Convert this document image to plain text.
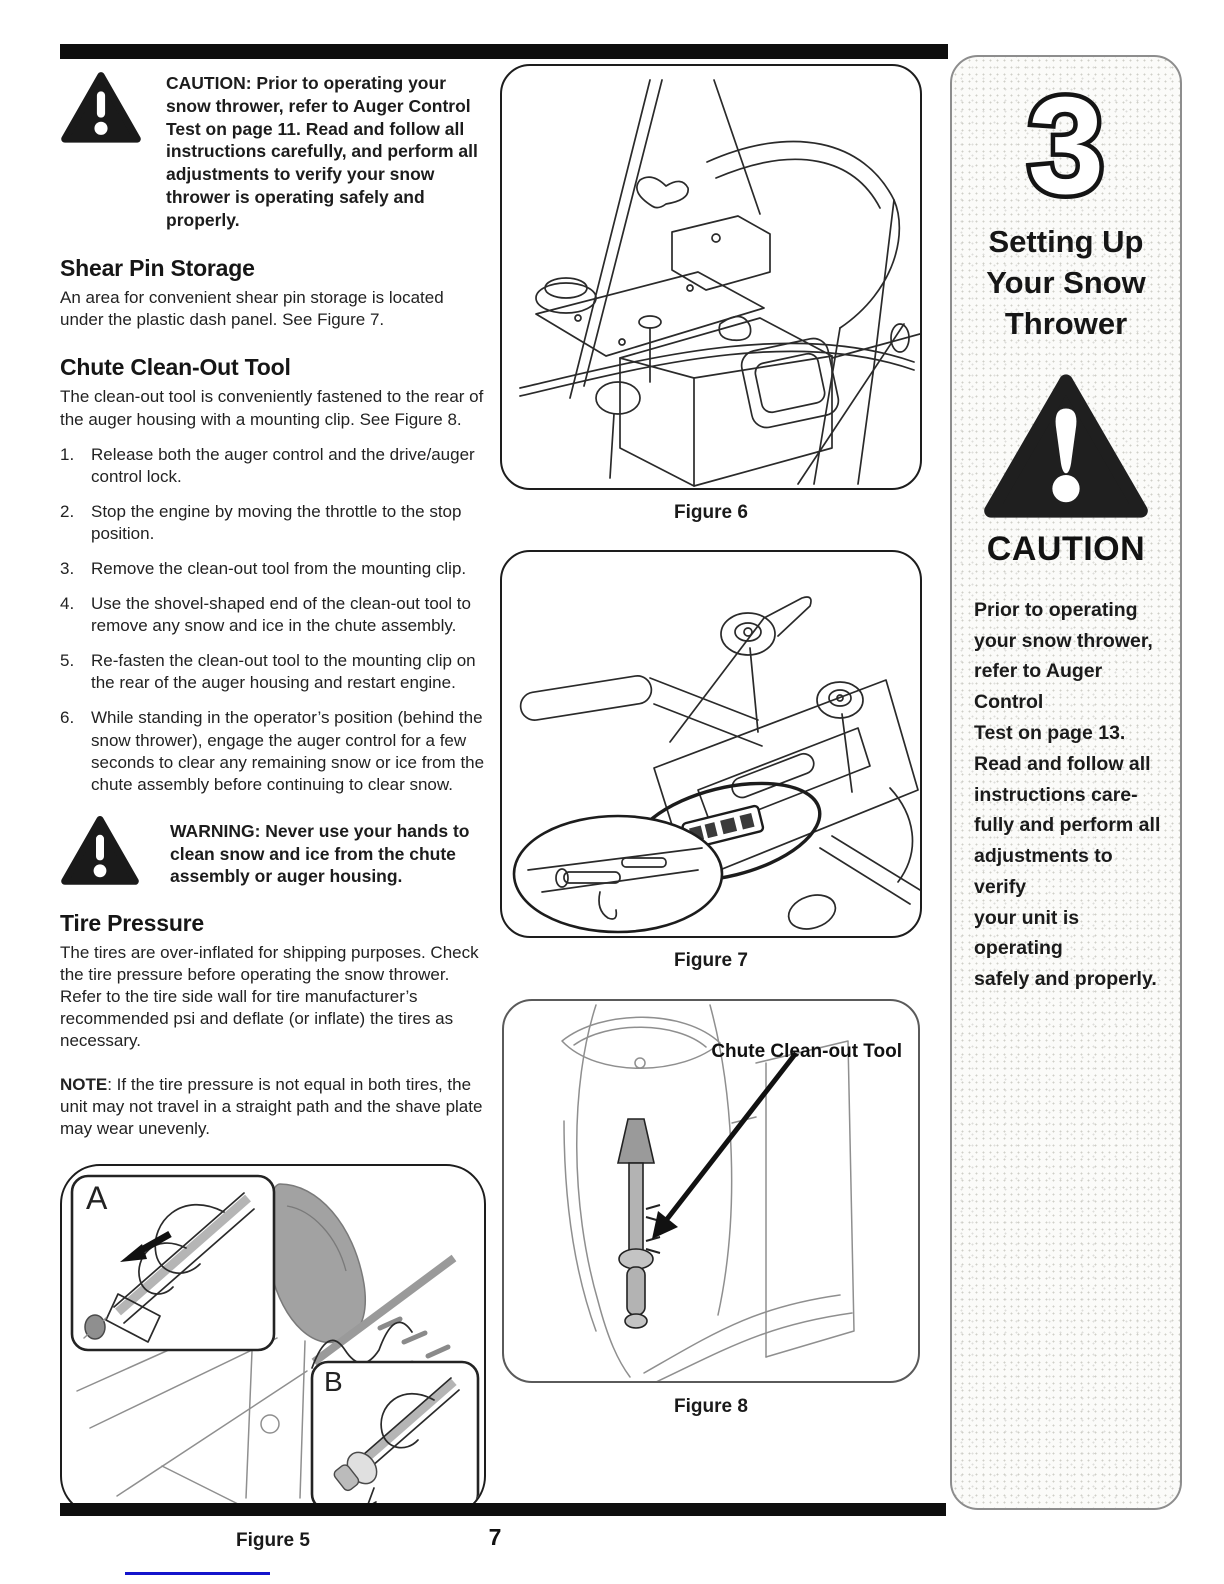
CAUTION: Prior to operating your snow thrower, refer to Auger Control Test on page 11. Read and follow all instructions carefully, and perform all adjustments to verify your snow thrower is operating safely and properly.
Shear Pin Storage
An area for convenient shear pin storage is located under the plastic dash panel. See Figure 7.
Chute Clean-Out Tool
The clean-out tool is conveniently fastened to the rear of the auger housing with a mounting clip. See Figure 8.
1. Release both the auger control and the drive/auger control lock.
2. Stop the engine by moving the throttle to the stop position.
3. Remove the clean-out tool from the mounting clip.
4. Use the shovel-shaped end of the clean-out tool to remove any snow and ice in the chute assembly.
5. Re-fasten the clean-out tool to the mounting clip on the rear of the auger housing and restart engine.
6. While standing in the operator’s position (behind the snow thrower), engage the auger control for a few seconds to clear any remaining snow or ice from the chute assembly before continuing to clear snow.
WARNING: Never use your hands to clean snow and ice from the chute assembly or auger housing.
Tire Pressure
The tires are over-inflated for shipping purposes. Check the tire pressure before operating the snow thrower. Refer to the tire side wall for tire manufacturer’s recommended psi and deflate (or inflate) the tires as necessary.
NOTE: If the tire pressure is not equal in both tires, the unit may not travel in a straight path and the shave plate may wear unevenly.
A
B
Figure 5
Figure 6
Figure 7
Chute Clean-out Tool
Figure 8
3
Setting Up
Your Snow
Thrower
CAUTION
Prior to operating
your snow thrower,
refer to Auger Control
Test on page 13.
Read and follow all
instructions care-
fully and perform all
adjustments to verify
your unit is operating
safely and properly.
7
